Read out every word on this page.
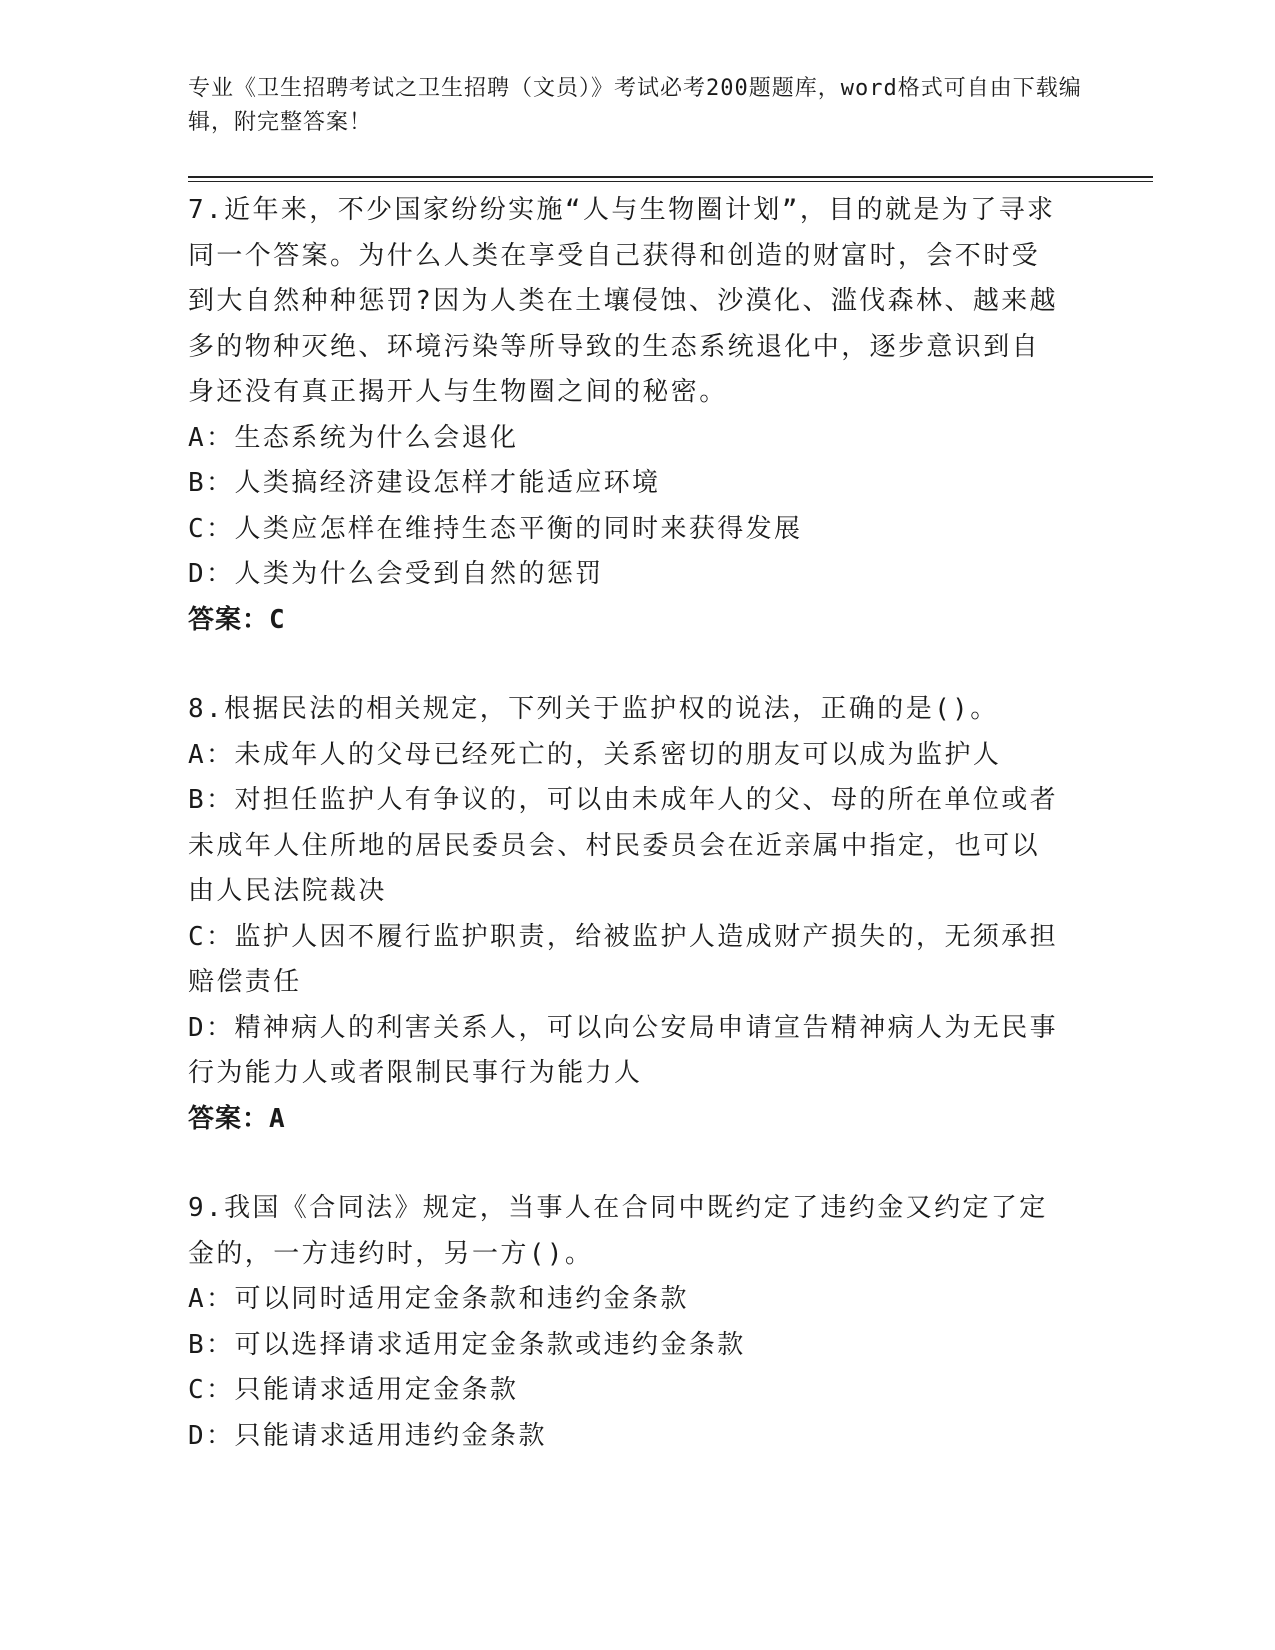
专业《卫生招聘考试之卫生招聘（文员）》考试必考200题题库，word格式可自由下载编辑，附完整答案！

7.近年来，不少国家纷纷实施“人与生物圈计划”，目的就是为了寻求同一个答案。为什么人类在享受自己获得和创造的财富时，会不时受到大自然种种惩罚?因为人类在土壤侵蚀、沙漠化、滥伐森林、越来越多的物种灭绝、环境污染等所导致的生态系统退化中，逐步意识到自身还没有真正揭开人与生物圈之间的秘密。

A：生态系统为什么会退化

B：人类搞经济建设怎样才能适应环境

C：人类应怎样在维持生态平衡的同时来获得发展

D：人类为什么会受到自然的惩罚

答案：C

8.根据民法的相关规定，下列关于监护权的说法，正确的是()。

A：未成年人的父母已经死亡的，关系密切的朋友可以成为监护人

B：对担任监护人有争议的，可以由未成年人的父、母的所在单位或者未成年人住所地的居民委员会、村民委员会在近亲属中指定，也可以由人民法院裁决

C：监护人因不履行监护职责，给被监护人造成财产损失的，无须承担赔偿责任

D：精神病人的利害关系人，可以向公安局申请宣告精神病人为无民事行为能力人或者限制民事行为能力人

答案：A

9.我国《合同法》规定，当事人在合同中既约定了违约金又约定了定金的，一方违约时，另一方()。

A：可以同时适用定金条款和违约金条款

B：可以选择请求适用定金条款或违约金条款

C：只能请求适用定金条款

D：只能请求适用违约金条款
